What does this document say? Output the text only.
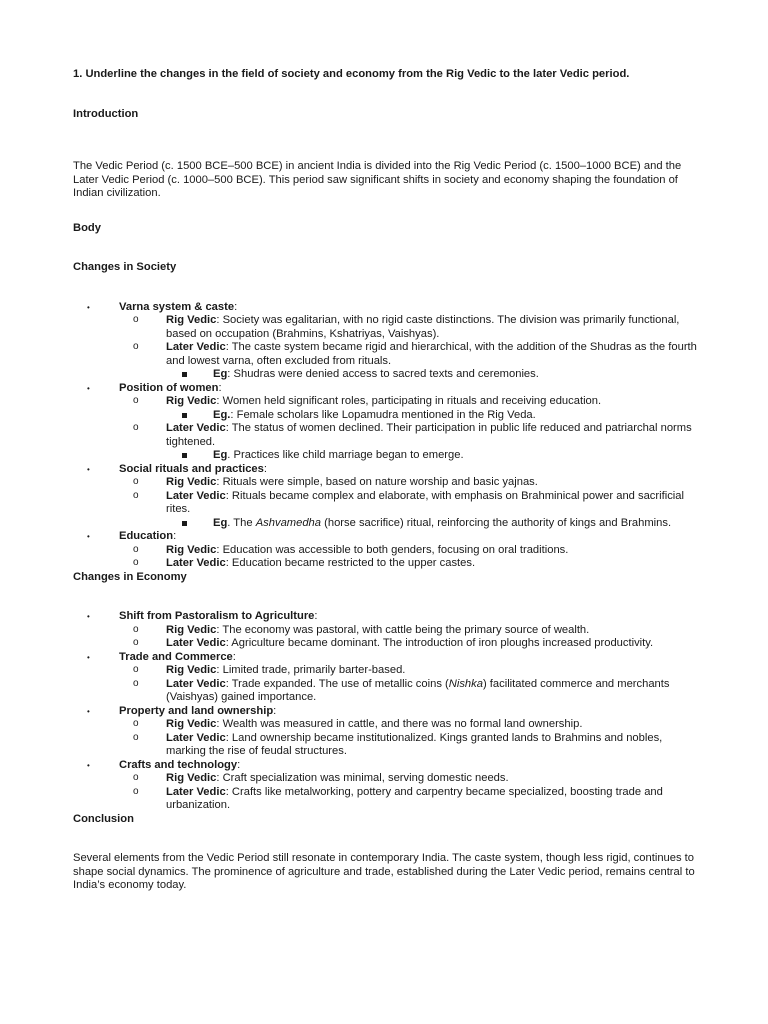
1. Underline the changes in the field of society and economy from the Rig Vedic to the later Vedic period.

Introduction

The Vedic Period (c. 1500 BCE–500 BCE) in ancient India is divided into the Rig Vedic Period (c. 1500–1000 BCE) and the Later Vedic Period (c. 1000–500 BCE). This period saw significant shifts in society and economy shaping the foundation of Indian civilization.

Body

Changes in Society

•	Varna system & caste:
o Rig Vedic: Society was egalitarian, with no rigid caste distinctions. The division was primarily functional, based on occupation (Brahmins, Kshatriyas, Vaishyas).
o Later Vedic: The caste system became rigid and hierarchical, with the addition of the Shudras as the fourth and lowest varna, often excluded from rituals.
Eg: Shudras were denied access to sacred texts and ceremonies.
•	Position of women:
o Rig Vedic: Women held significant roles, participating in rituals and receiving education.
Eg.: Female scholars like Lopamudra mentioned in the Rig Veda.
o Later Vedic: The status of women declined. Their participation in public life reduced and patriarchal norms tightened.
Eg. Practices like child marriage began to emerge.
•	Social rituals and practices:
o Rig Vedic: Rituals were simple, based on nature worship and basic yajnas.
o Later Vedic: Rituals became complex and elaborate, with emphasis on Brahminical power and sacrificial rites.
Eg. The Ashvamedha (horse sacrifice) ritual, reinforcing the authority of kings and Brahmins.
•	Education:
o Rig Vedic: Education was accessible to both genders, focusing on oral traditions.
o Later Vedic: Education became restricted to the upper castes.

Changes in Economy

•	Shift from Pastoralism to Agriculture:
o Rig Vedic: The economy was pastoral, with cattle being the primary source of wealth.
o Later Vedic: Agriculture became dominant. The introduction of iron ploughs increased productivity.
•	Trade and Commerce:
o Rig Vedic: Limited trade, primarily barter-based.
o Later Vedic: Trade expanded. The use of metallic coins (Nishka) facilitated commerce and merchants (Vaishyas) gained importance.
•	Property and land ownership:
o Rig Vedic: Wealth was measured in cattle, and there was no formal land ownership.
o Later Vedic: Land ownership became institutionalized. Kings granted lands to Brahmins and nobles, marking the rise of feudal structures.
•	Crafts and technology:
o Rig Vedic: Craft specialization was minimal, serving domestic needs.
o Later Vedic: Crafts like metalworking, pottery and carpentry became specialized, boosting trade and urbanization.

Conclusion

Several elements from the Vedic Period still resonate in contemporary India. The caste system, though less rigid, continues to shape social dynamics. The prominence of agriculture and trade, established during the Later Vedic period, remains central to India’s economy today.
